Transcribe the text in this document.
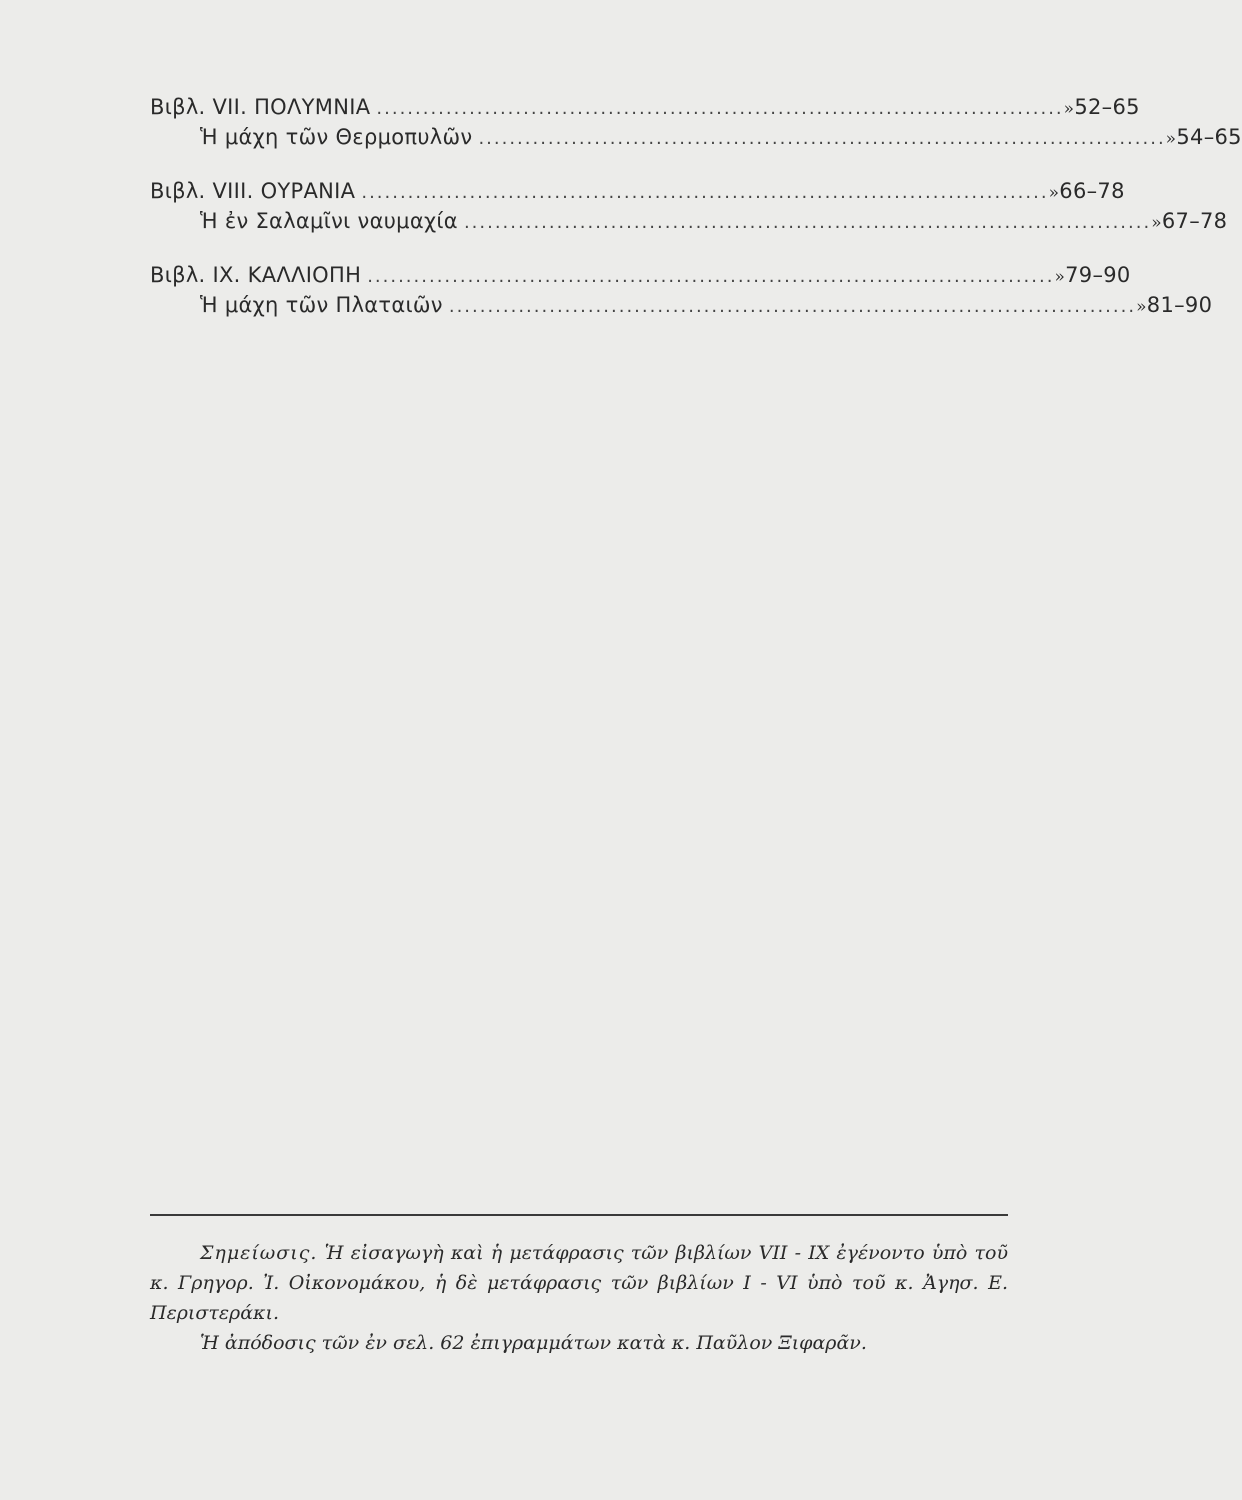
Βιβλ. VII. ΠΟΛΥΜΝΙΑ ......................................................................................... » 52–65
Ἡ μάχη τῶν Θερμοπυλῶν ......................................................................................... » 54–65
Βιβλ. VIII. ΟΥΡΑΝΙΑ ......................................................................................... » 66–78
Ἡ ἐν Σαλαμῖνι ναυμαχία ......................................................................................... » 67–78
Βιβλ. IX. ΚΑΛΛΙΟΠΗ ......................................................................................... » 79–90
Ἡ μάχη τῶν Πλαταιῶν ......................................................................................... » 81–90

Σημείωσις. Ἡ εἰσαγωγὴ καὶ ἡ μετάφρασις τῶν βιβλίων VII - IX ἐγένοντο ὑπὸ τοῦ κ. Γρηγορ. Ἰ. Οἰκονομάκου, ἡ δὲ μετάφρασις τῶν βιβλίων I - VI ὑπὸ τοῦ κ. Ἀγησ. Ε. Περιστεράκι.

Ἡ ἀπόδοσις τῶν ἐν σελ. 62 ἐπιγραμμάτων κατὰ κ. Παῦλον Ξιφαρᾶν.
